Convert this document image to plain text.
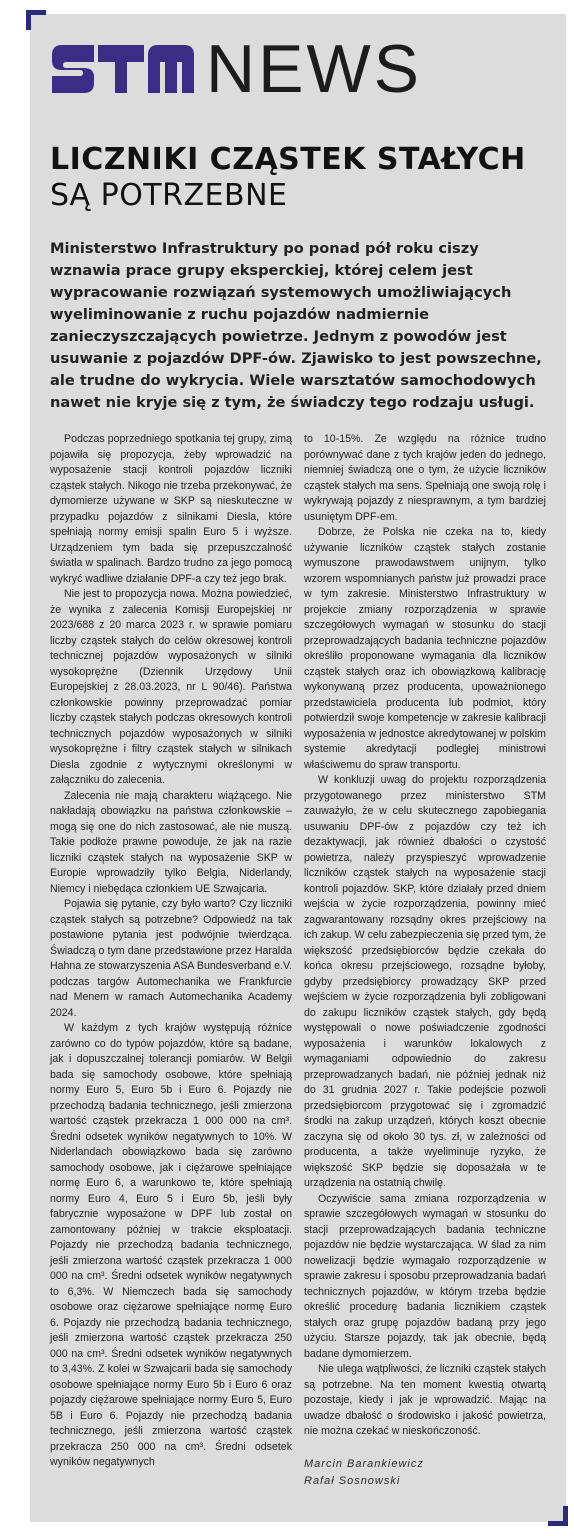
NEWS
LICZNIKI CZĄSTEK STAŁYCH
SĄ POTRZEBNE

Ministerstwo Infrastruktury po ponad pół roku ciszy wznawia prace grupy eksperckiej, której celem jest wypracowanie rozwiązań systemowych umożliwiających wyeliminowanie z ruchu pojazdów nadmiernie zanieczyszczających powietrze. Jednym z powodów jest usuwanie z pojazdów DPF-ów. Zjawisko to jest powszechne, ale trudne do wykrycia. Wiele warsztatów samochodowych nawet nie kryje się z tym, że świadczy tego rodzaju usługi.

Podczas poprzedniego spotkania tej grupy, zimą pojawiła się propozycja, żeby wprowadzić na wyposażenie stacji kontroli pojazdów liczniki cząstek stałych. Nikogo nie trzeba przekonywać, że dymomierze używane w SKP są nieskuteczne w przypadku pojazdów z silnikami Diesla, które spełniają normy emisji spalin Euro 5 i wyższe. Urządzeniem tym bada się przepuszczalność światła w spalinach. Bardzo trudno za jego pomocą wykryć wadliwe działanie DPF-a czy też jego brak.

Nie jest to propozycja nowa. Można powiedzieć, że wynika z zalecenia Komisji Europejskiej nr 2023/688 z 20 marca 2023 r. w sprawie pomiaru liczby cząstek stałych do celów okresowej kontroli technicznej pojazdów wyposażonych w silniki wysokoprężne (Dziennik Urzędowy Unii Europejskiej z 28.03.2023, nr L 90/46). Państwa członkowskie powinny przeprowadzać pomiar liczby cząstek stałych podczas okresowych kontroli technicznych pojazdów wyposażonych w silniki wysokoprężne i filtry cząstek stałych w silnikach Diesla zgodnie z wytycznymi określonymi w załączniku do zalecenia.

Zalecenia nie mają charakteru wiążącego. Nie nakładają obowiązku na państwa członkowskie – mogą się one do nich zastosować, ale nie muszą. Takie podłoże prawne powoduje, że jak na razie liczniki cząstek stałych na wyposażenie SKP w Europie wprowadziły tylko Belgia, Niderlandy, Niemcy i niebędąca członkiem UE Szwajcaria.

Pojawia się pytanie, czy było warto? Czy liczniki cząstek stałych są potrzebne? Odpowiedź na tak postawione pytania jest podwójnie twierdząca. Świadczą o tym dane przedstawione przez Haralda Hahna ze stowarzyszenia ASA Bundesverband e.V. podczas targów Automechanika we Frankfurcie nad Menem w ramach Automechanika Academy 2024.

W każdym z tych krajów występują różnice zarówno co do typów pojazdów, które są badane, jak i dopuszczalnej tolerancji pomiarów. W Belgii bada się samochody osobowe, które spełniają normy Euro 5, Euro 5b i Euro 6. Pojazdy nie przechodzą badania technicznego, jeśli zmierzona wartość cząstek przekracza 1 000 000 na cm³. Średni odsetek wyników negatywnych to 10%. W Niderlandach obowiązkowo bada się zarówno samochody osobowe, jak i ciężarowe spełniające normę Euro 6, a warunkowo te, które spełniają normy Euro 4, Euro 5 i Euro 5b, jeśli były fabrycznie wyposażone w DPF lub został on zamontowany później w trakcie eksploatacji. Pojazdy nie przechodzą badania technicznego, jeśli zmierzona wartość cząstek przekracza 1 000 000 na cm³. Średni odsetek wyników negatywnych to 6,3%. W Niemczech bada się samochody osobowe oraz ciężarowe spełniające normę Euro 6. Pojazdy nie przechodzą badania technicznego, jeśli zmierzona wartość cząstek przekracza 250 000 na cm³. Średni odsetek wyników negatywnych to 3,43%. Z kolei w Szwajcarii bada się samochody osobowe spełniające normy Euro 5b i Euro 6 oraz pojazdy ciężarowe spełniające normy Euro 5, Euro 5B i Euro 6. Pojazdy nie przechodzą badania technicznego, jeśli zmierzona wartość cząstek przekracza 250 000 na cm³. Średni odsetek wyników negatywnych

to 10-15%. Ze względu na różnice trudno porównywać dane z tych krajów jeden do jednego, niemniej świadczą one o tym, że użycie liczników cząstek stałych ma sens. Spełniają one swoją rolę i wykrywają pojazdy z niesprawnym, a tym bardziej usuniętym DPF-em.

Dobrze, że Polska nie czeka na to, kiedy używanie liczników cząstek stałych zostanie wymuszone prawodawstwem unijnym, tylko wzorem wspomnianych państw już prowadzi prace w tym zakresie. Ministerstwo Infrastruktury w projekcie zmiany rozporządzenia w sprawie szczegółowych wymagań w stosunku do stacji przeprowadzających badania techniczne pojazdów określiło proponowane wymagania dla liczników cząstek stałych oraz ich obowiązkową kalibrację wykonywaną przez producenta, upoważnionego przedstawiciela producenta lub podmiot, który potwierdził swoje kompetencje w zakresie kalibracji wyposażenia w jednostce akredytowanej w polskim systemie akredytacji podległej ministrowi właściwemu do spraw transportu.

W konkluzji uwag do projektu rozporządzenia przygotowanego przez ministerstwo STM zauważyło, że w celu skutecznego zapobiegania usuwaniu DPF-ów z pojazdów czy też ich dezaktywacji, jak również dbałości o czystość powietrza, należy przyspieszyć wprowadzenie liczników cząstek stałych na wyposażenie stacji kontroli pojazdów. SKP, które działały przed dniem wejścia w życie rozporządzenia, powinny mieć zagwarantowany rozsądny okres przejściowy na ich zakup. W celu zabezpieczenia się przed tym, że większość przedsiębiorców będzie czekała do końca okresu przejściowego, rozsądne byłoby, gdyby przedsiębiorcy prowadzący SKP przed wejściem w życie rozporządzenia byli zobligowani do zakupu liczników cząstek stałych, gdy będą występowali o nowe poświadczenie zgodności wyposażenia i warunków lokalowych z wymaganiami odpowiednio do zakresu przeprowadzanych badań, nie później jednak niż do 31 grudnia 2027 r. Takie podejście pozwoli przedsiębiorcom przygotować się i zgromadzić środki na zakup urządzeń, których koszt obecnie zaczyna się od około 30 tys. zł, w zależności od producenta, a także wyeliminuje ryzyko, że większość SKP będzie się doposażała w te urządzenia na ostatnią chwilę.

Oczywiście sama zmiana rozporządzenia w sprawie szczegółowych wymagań w stosunku do stacji przeprowadzających badania techniczne pojazdów nie będzie wystarczająca. W ślad za nim nowelizacji będzie wymagało rozporządzenie w sprawie zakresu i sposobu przeprowadzania badań technicznych pojazdów, w którym trzeba będzie określić procedurę badania licznikiem cząstek stałych oraz grupę pojazdów badaną przy jego użyciu. Starsze pojazdy, tak jak obecnie, będą badane dymomierzem.

Nie ulega wątpliwości, że liczniki cząstek stałych są potrzebne. Na ten moment kwestią otwartą pozostaje, kiedy i jak je wprowadzić. Mając na uwadze dbałość o środowisko i jakość powietrza, nie można czekać w nieskończoność.

Marcin Barankiewicz
Rafał Sosnowski
